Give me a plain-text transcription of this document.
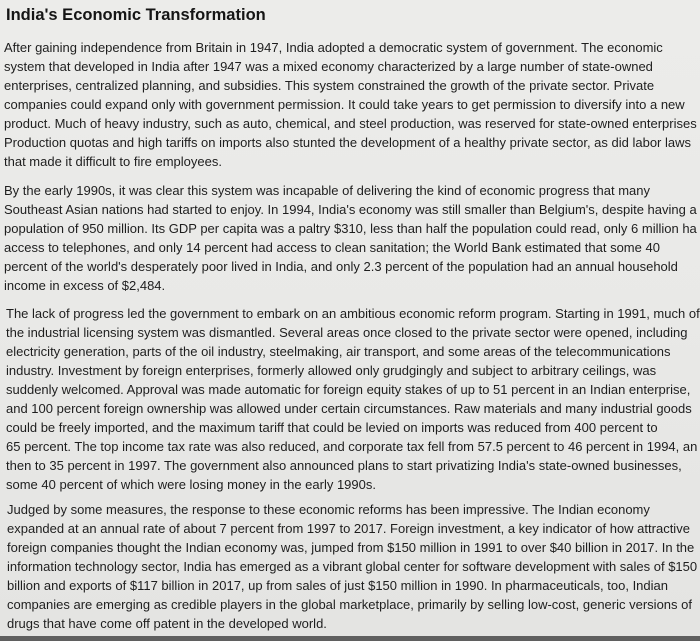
India's Economic Transformation

After gaining independence from Britain in 1947, India adopted a democratic system of government. The economic
system that developed in India after 1947 was a mixed economy characterized by a large number of state-owned
enterprises, centralized planning, and subsidies. This system constrained the growth of the private sector. Private
companies could expand only with government permission. It could take years to get permission to diversify into a new
product. Much of heavy industry, such as auto, chemical, and steel production, was reserved for state-owned enterprises
Production quotas and high tariffs on imports also stunted the development of a healthy private sector, as did labor laws
that made it difficult to fire employees.

By the early 1990s, it was clear this system was incapable of delivering the kind of economic progress that many
Southeast Asian nations had started to enjoy. In 1994, India's economy was still smaller than Belgium's, despite having a
population of 950 million. Its GDP per capita was a paltry $310, less than half the population could read, only 6 million ha
access to telephones, and only 14 percent had access to clean sanitation; the World Bank estimated that some 40
percent of the world's desperately poor lived in India, and only 2.3 percent of the population had an annual household
income in excess of $2,484.

The lack of progress led the government to embark on an ambitious economic reform program. Starting in 1991, much of
the industrial licensing system was dismantled. Several areas once closed to the private sector were opened, including
electricity generation, parts of the oil industry, steelmaking, air transport, and some areas of the telecommunications
industry. Investment by foreign enterprises, formerly allowed only grudgingly and subject to arbitrary ceilings, was
suddenly welcomed. Approval was made automatic for foreign equity stakes of up to 51 percent in an Indian enterprise,
and 100 percent foreign ownership was allowed under certain circumstances. Raw materials and many industrial goods
could be freely imported, and the maximum tariff that could be levied on imports was reduced from 400 percent to
65 percent. The top income tax rate was also reduced, and corporate tax fell from 57.5 percent to 46 percent in 1994, an
then to 35 percent in 1997. The government also announced plans to start privatizing India's state-owned businesses,
some 40 percent of which were losing money in the early 1990s.

Judged by some measures, the response to these economic reforms has been impressive. The Indian economy
expanded at an annual rate of about 7 percent from 1997 to 2017. Foreign investment, a key indicator of how attractive
foreign companies thought the Indian economy was, jumped from $150 million in 1991 to over $40 billion in 2017. In the
information technology sector, India has emerged as a vibrant global center for software development with sales of $150
billion and exports of $117 billion in 2017, up from sales of just $150 million in 1990. In pharmaceuticals, too, Indian
companies are emerging as credible players in the global marketplace, primarily by selling low-cost, generic versions of
drugs that have come off patent in the developed world.
